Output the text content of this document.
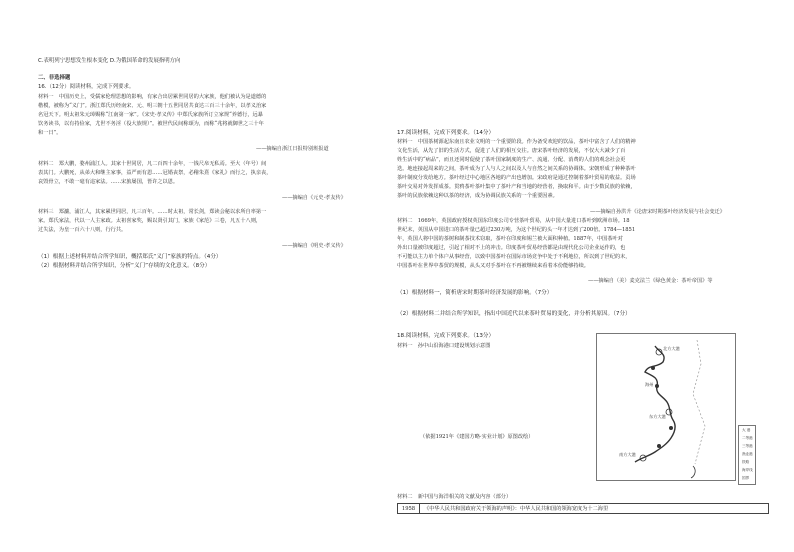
C.表明列宁思想发生根本变化 D.为俄国革命的发展指明方向
二、非选择题
16.（12分）阅读材料，完成下列要求。
材料一　中国历史上，受儒家伦理思想的影响，有家合出居累世同居的大家族，他们被认为是道德的
楷模，被称为“义门”。浙江郑氏历经南宋、元、明三朝十五世同居共食达三百三十余年，以孝义治家
名冠天下。明太祖朱元璋赐称“江南第一家”。《宋史·孝义传》中郑氏家族所订立家规“养德行，远暴
饮务读书，以有持俭家，尤世不务淫（役大族规）”。被世代民间称颂为，而称“兆将就御世之三十年
和一日”。
——摘编自浙江日报特别班报道
材料二　郑大鹏，婺州浦江人。其家十世同居，凡二百四十余年，一钱尺帛无私焉。至大（年号）间
表其门。大鹏死，从弟大和继主家事，益严而有恩……冠婚丧祭，必稽朱熹《家礼》而行之，执亲丧，
哀毁骨立，不敢一毫有违家法。……宋旅屡国，皆许之以恩。
——摘编自《元史·孝友传》
材料三　郑濂，浦江人，其家累世同居，凡三百年。……时太祖，常长剑，郑读会秘以求所自率第一
家。郑氏家法，代以一人主家政。太祖喜家奖，赐以贤引其门，家族《家范》三卷，凡五十八则，
过失法，为皇一百六十八则，行行共。
——摘编自《明史·孝义传》
（1）根据上述材料并结合所学知识，概括郑氏“义门”家族的特点。（4分）
（2）根据材料并结合所学知识，分析“义门”存续的文化意义。（8分）
17.阅读材料，完成下列要求。（14分）
材料一　中国茶树源起东南且农业文明的一个重要阶段。作为备受欢迎的饮品，茶叶中富含了人们的精神
文化生活，从先了旧的生活方式，促进了人们的相互交往。唐宋茶叶经济的发展，不仅大大减少了百
姓生活中的“病品”，而且还同时促使了茶叶国家制度的生产、流通、分配、消费的人们的观念社会更
迭。地连接起周来的之间，茶叶成为了人与人之间以及人与自然之间关系的协调体。宋朝形成了种种茶叶
茶叶制度分发给地方。茶叶经过中心地区各地的产出也增加。宋政府是通过控制着茶叶贸易的收益。贡场
茶叶交易对外发挥成茶。贯鸦茶叶茶叶集中了茶叶产和当地的经营者，换取和平。由于少数民族的依赖，
茶叶的民族依赖这种以茶的经济，成为协调民族关系的一个重要因素。
——摘编自孙洪升《论唐宋时期茶叶经济发展与社会变迁》
材料二　1669年，英国政府授权英国东印度公司专营茶叶贸易，从中国大量进口茶叶到欧洲市场。18
世纪末，英国从中国进口的茶叶量已超过230万吨，为这个世纪的头一年才达到了200倍。1784—1851
年，英国人将中国的茶树和制茶技术窃取，茶叶在印度和锡兰被大面积种植。1887年，中国茶叶对
外出口量被印度超过，引起了相对不上的冲击。印度茶叶贸易经营都是由现代化公司企业运作的，也
不可能以主力单个体户从事经营，以致中国茶叶在国际市场竞争中处于不利地位，所以到了世纪的末，
中国茶叶在世界中茶贸的规模，从头又对手茶叶在不再被继续来看着本份能够持续。
——摘编自（美）麦克法兰《绿色黄金：茶叶帝国》等
（1）根据材料一，简析唐宋时期茶叶经济发展的影响。（7分）
（2）根据材料二并结合所学知识，指出中国近代以来茶叶贸易的变化，并分析其原因。（7分）
18.阅读材料，完成下列要求。（13分）
材料一　孙中山沿海港口建设规划示意图	北方大港
海州
东方大港
南方大港
大 港
二等港
三等港
渔业港
铁路
海岸线
国界
（依据1921年《建国方略·实业计划》原图改绘）
材料二　新中国与海洋相关的文献及内容（部分）
1958	《中华人民共和国政府关于领海的声明》：中华人民共和国的领海宽度为十二海里
